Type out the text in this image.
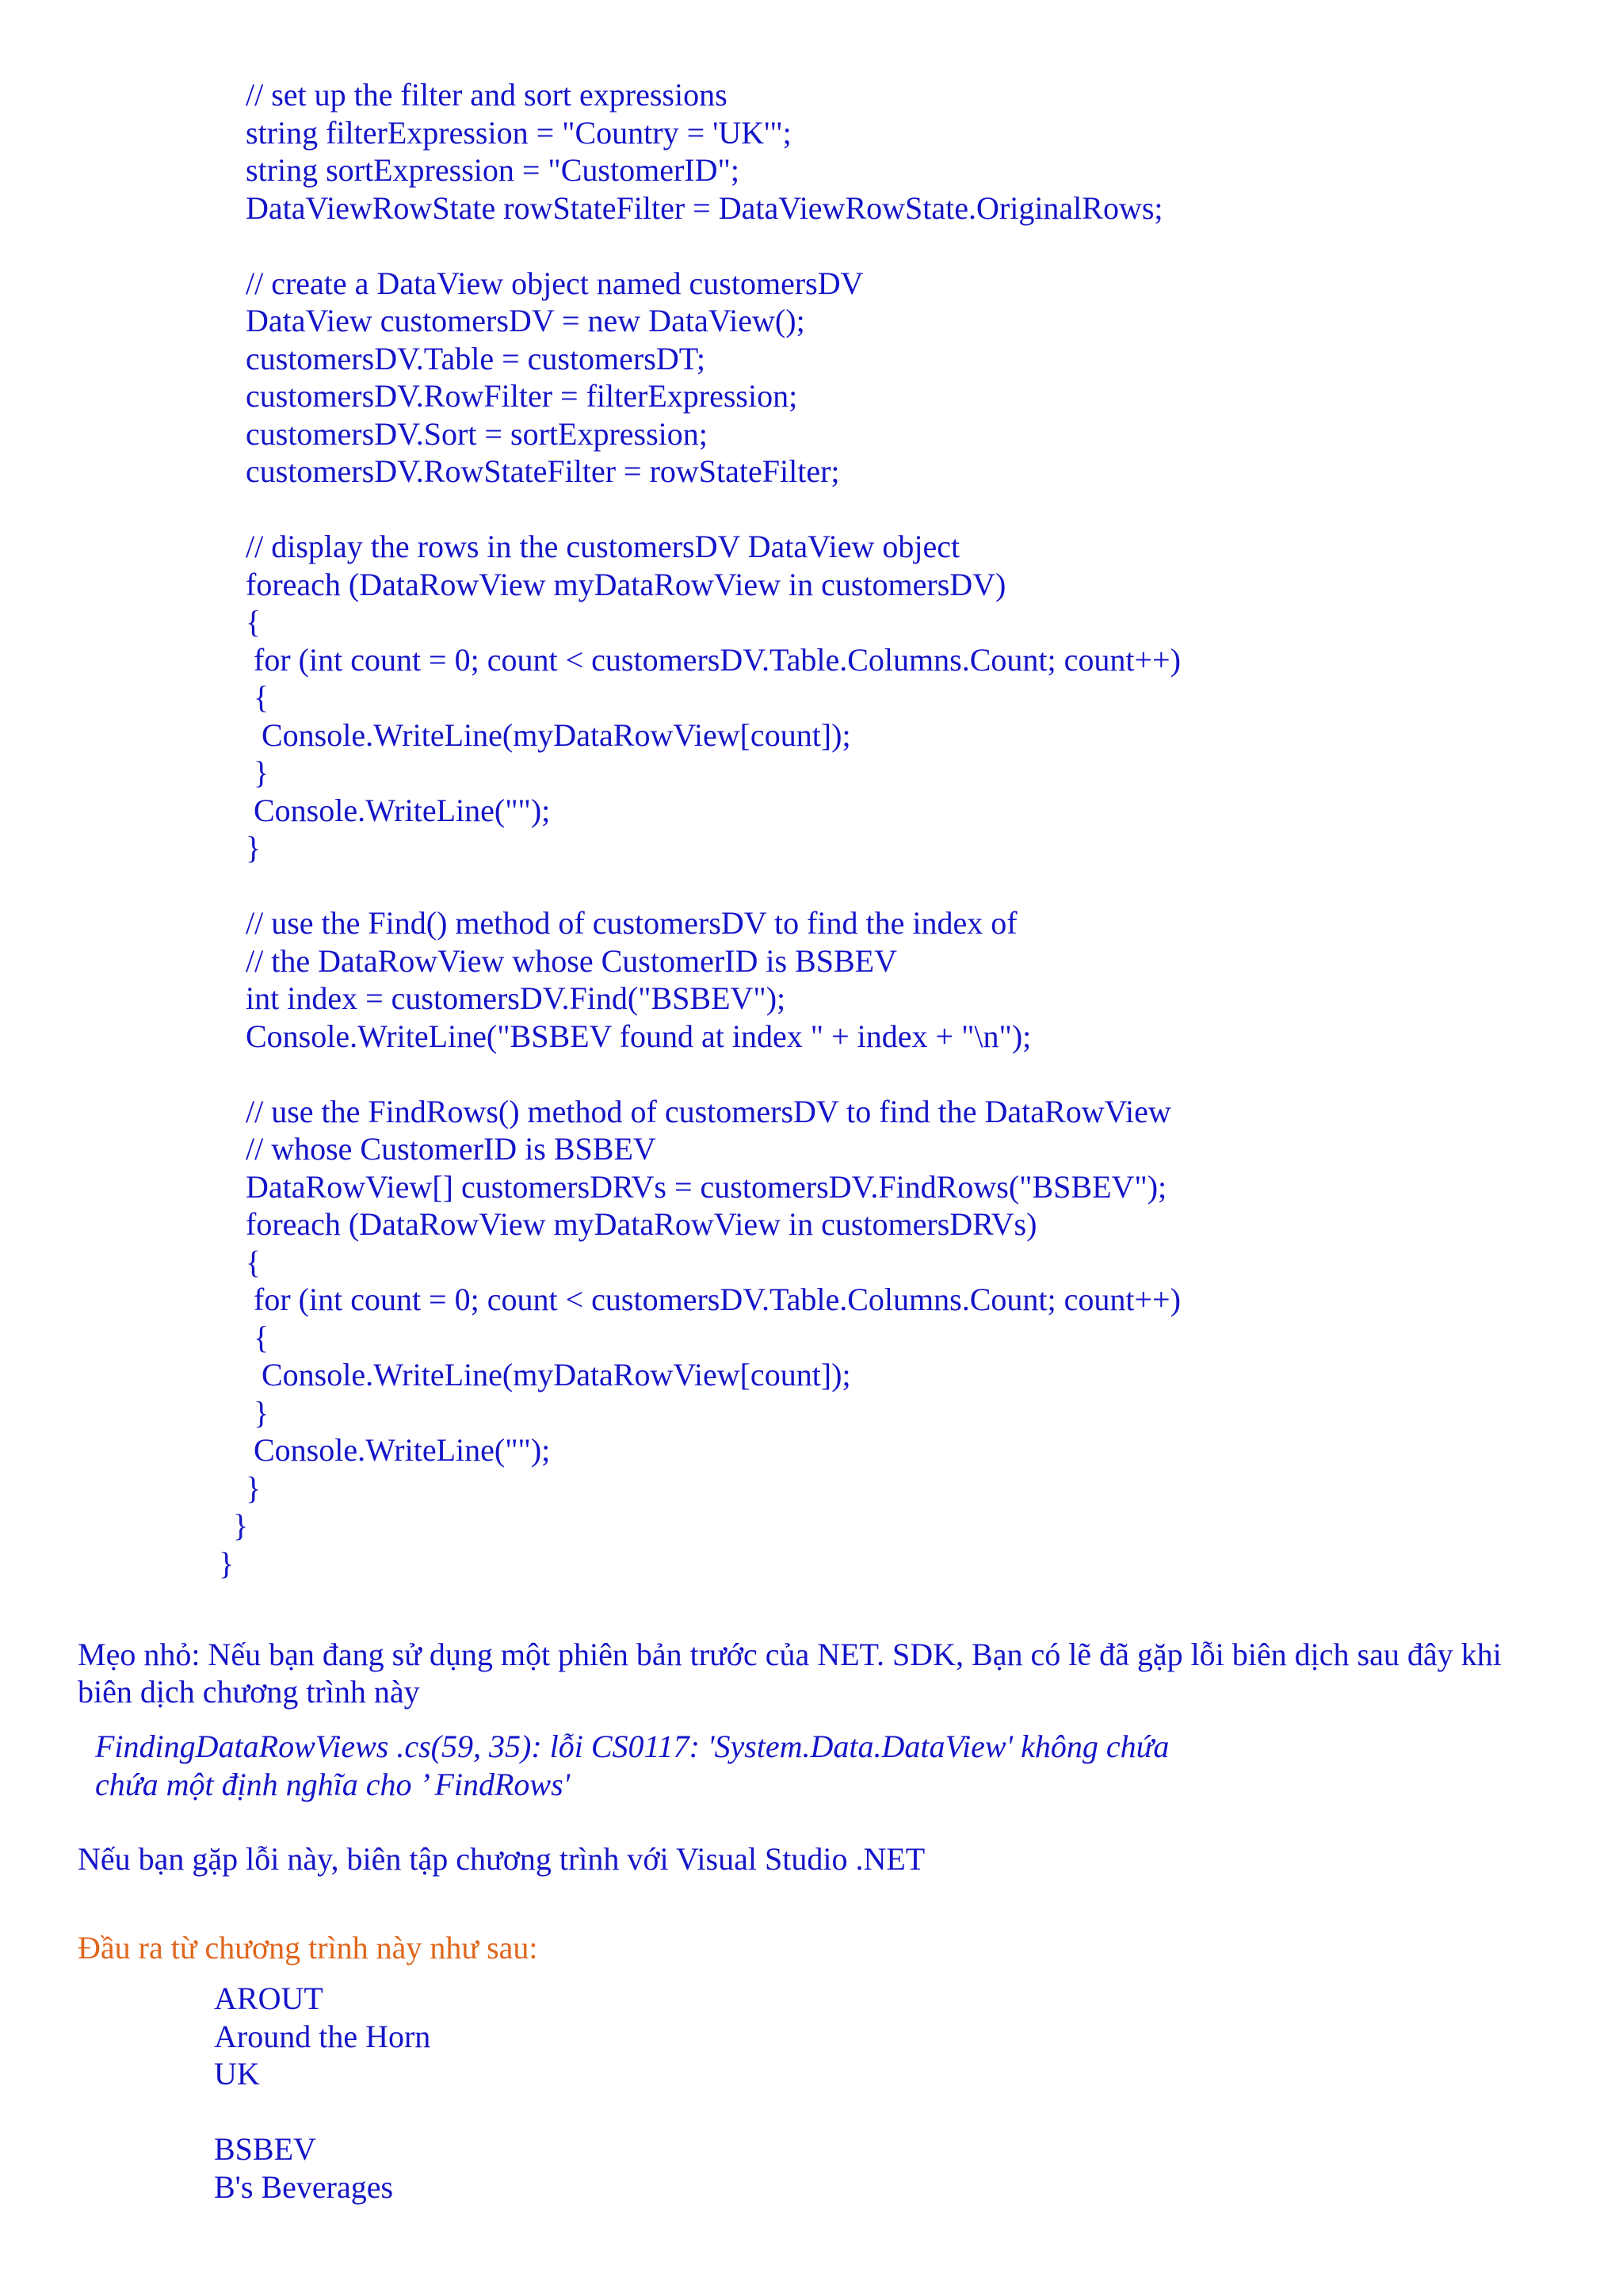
// set up the filter and sort expressions
string filterExpression = "Country = 'UK'";
string sortExpression = "CustomerID";
DataViewRowState rowStateFilter = DataViewRowState.OriginalRows;
// create a DataView object named customersDV
DataView customersDV = new DataView();
customersDV.Table = customersDT;
customersDV.RowFilter = filterExpression;
customersDV.Sort = sortExpression;
customersDV.RowStateFilter = rowStateFilter;
// display the rows in the customersDV DataView object
foreach (DataRowView myDataRowView in customersDV)
{
for (int count = 0; count < customersDV.Table.Columns.Count; count++)
{
Console.WriteLine(myDataRowView[count]);
}
Console.WriteLine("");
}
// use the Find() method of customersDV to find the index of
// the DataRowView whose CustomerID is BSBEV
int index = customersDV.Find("BSBEV");
Console.WriteLine("BSBEV found at index " + index + "\n");
// use the FindRows() method of customersDV to find the DataRowView
// whose CustomerID is BSBEV
DataRowView[] customersDRVs = customersDV.FindRows("BSBEV");
foreach (DataRowView myDataRowView in customersDRVs)
{
for (int count = 0; count < customersDV.Table.Columns.Count; count++)
{
Console.WriteLine(myDataRowView[count]);
}
Console.WriteLine("");
}
}
}
Mẹo nhỏ: Nếu bạn đang sử dụng một phiên bản trước của NET. SDK, Bạn có lẽ đã gặp lỗi biên dịch sau đây khi biên dịch chương trình này
FindingDataRowViews .cs(59, 35): lỗi CS0117: 'System.Data.DataView' không chứa
chứa một định nghĩa cho ’ FindRows'
Nếu bạn gặp lỗi này, biên tập chương trình với Visual Studio .NET
Đầu ra từ chương trình này như sau:
AROUT
Around the Horn
UK
BSBEV
B's Beverages
